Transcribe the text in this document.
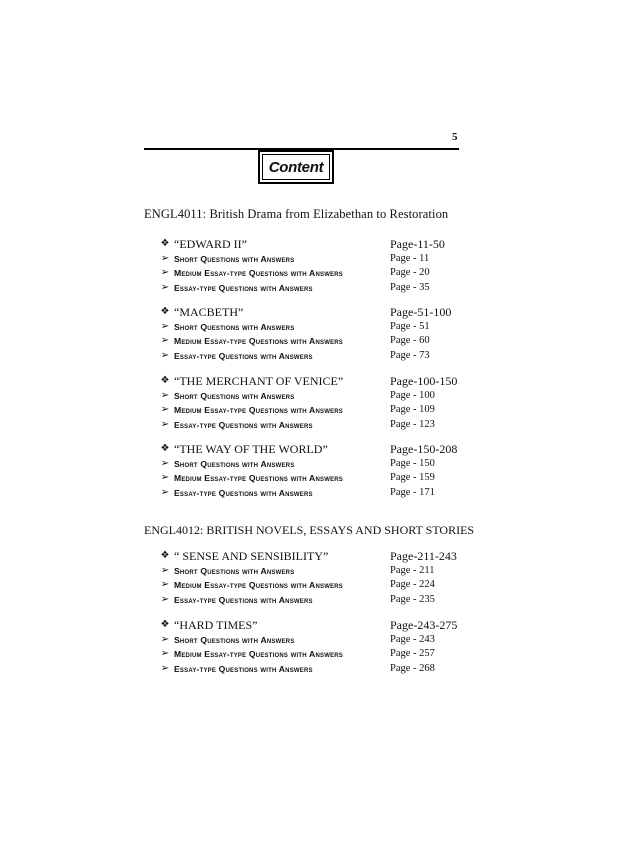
5
Content
ENGL4011: British Drama from Elizabethan to Restoration
❖ “EDWARD II”	Page-11-50
➢ Short Questions with Answers	Page - 11
➢ Medium Essay-type Questions with Answers	Page - 20
➢ Essay-type Questions with Answers	Page - 35
❖ “MACBETH”	Page-51-100
➢ Short Questions with Answers	Page - 51
➢ Medium Essay-type Questions with Answers	Page - 60
➢ Essay-type Questions with Answers	Page - 73
❖ “THE MERCHANT OF VENICE”	Page-100-150
➢ Short Questions with Answers	Page - 100
➢ Medium Essay-type Questions with Answers	Page - 109
➢ Essay-type Questions with Answers	Page - 123
❖ “THE WAY OF THE WORLD”	Page-150-208
➢ Short Questions with Answers	Page - 150
➢ Medium Essay-type Questions with Answers	Page - 159
➢ Essay-type Questions with Answers	Page - 171
ENGL4012: BRITISH NOVELS, ESSAYS AND SHORT STORIES
❖ “ SENSE AND SENSIBILITY”	Page-211-243
➢ Short Questions with Answers	Page - 211
➢ Medium Essay-type Questions with Answers	Page - 224
➢ Essay-type Questions with Answers	Page - 235
❖ “HARD TIMES”	Page-243-275
➢ Short Questions with Answers	Page - 243
➢ Medium Essay-type Questions with Answers	Page - 257
➢ Essay-type Questions with Answers	Page - 268
